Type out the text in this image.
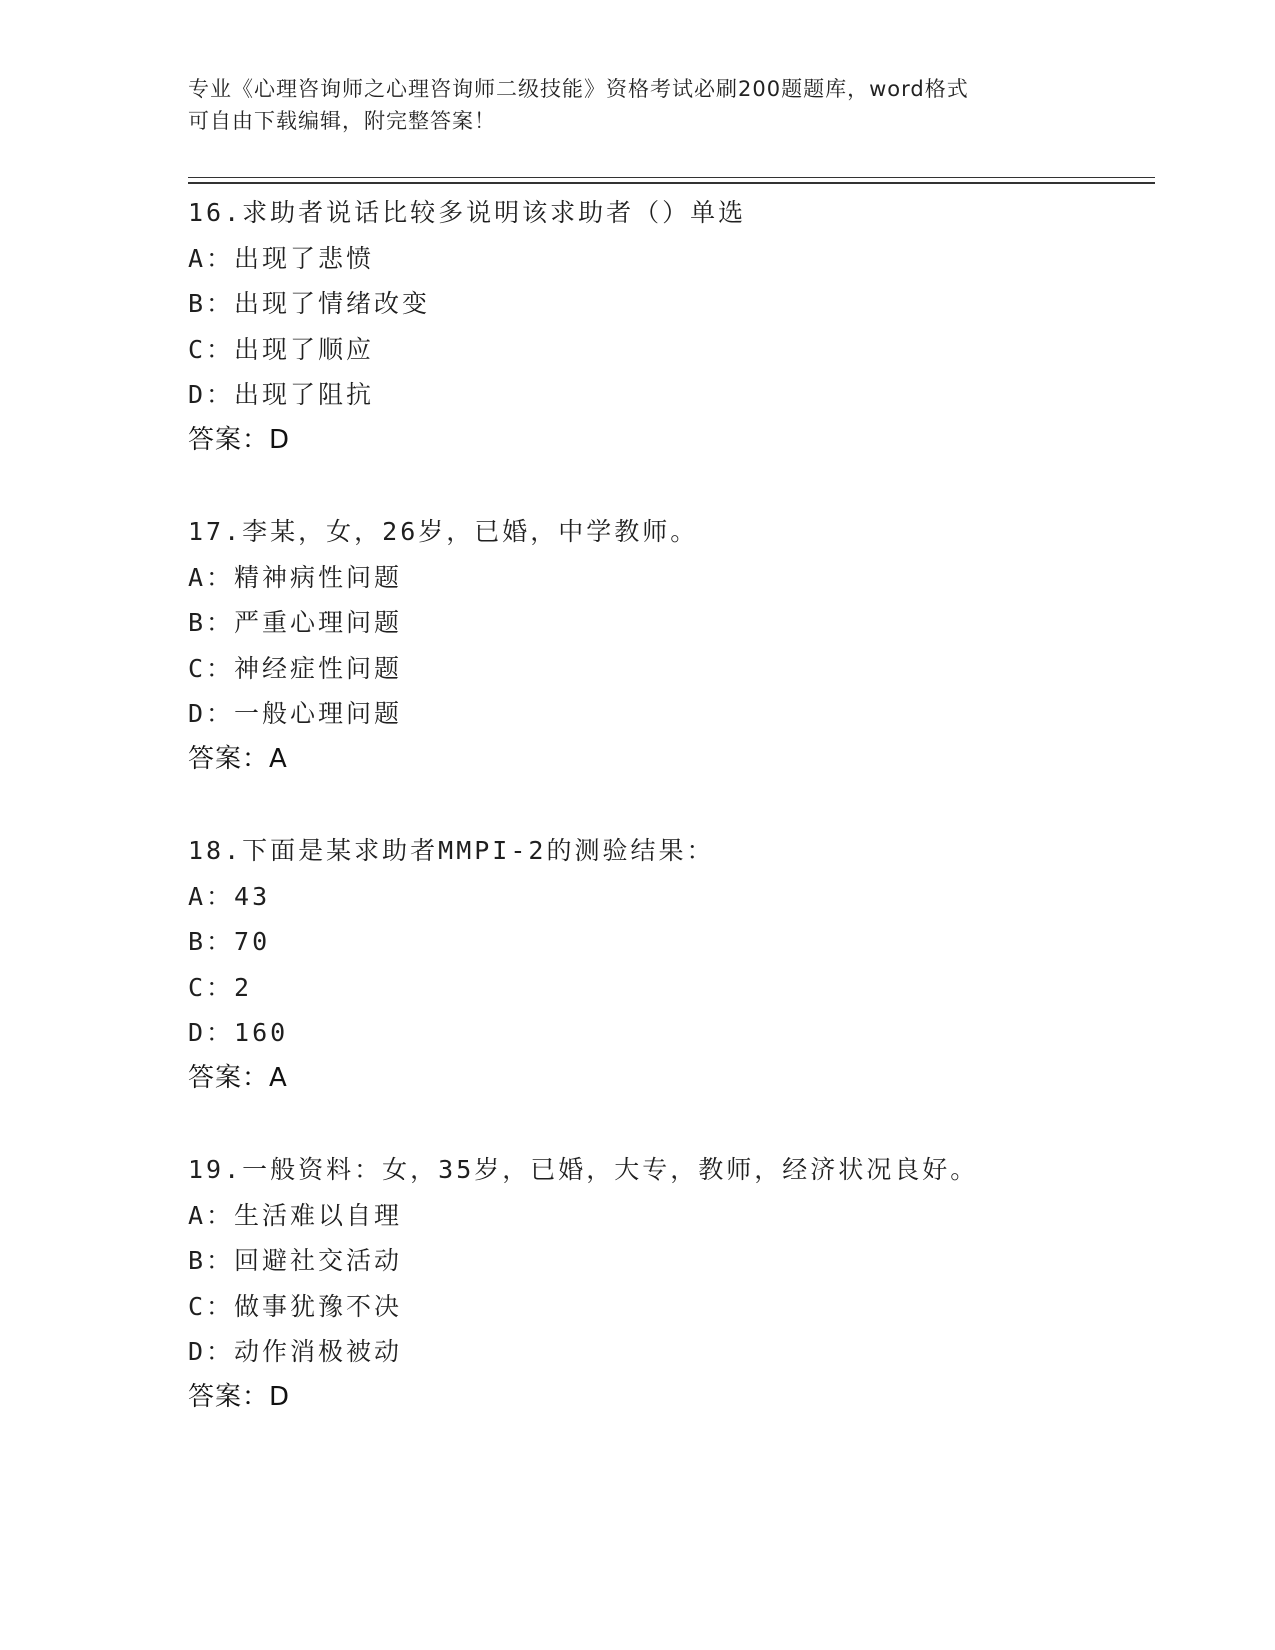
专业《心理咨询师之心理咨询师二级技能》资格考试必刷200题题库，word格式
可自由下载编辑，附完整答案！
16.求助者说话比较多说明该求助者（）单选
A：出现了悲愤
B：出现了情绪改变
C：出现了顺应
D：出现了阻抗
答案：D
17.李某，女，26岁，已婚，中学教师。
A：精神病性问题
B：严重心理问题
C：神经症性问题
D：一般心理问题
答案：A
18.下面是某求助者MMPI-2的测验结果：
A：43
B：70
C：2
D：160
答案：A
19.一般资料：女，35岁，已婚，大专，教师，经济状况良好。
A：生活难以自理
B：回避社交活动
C：做事犹豫不决
D：动作消极被动
答案：D
